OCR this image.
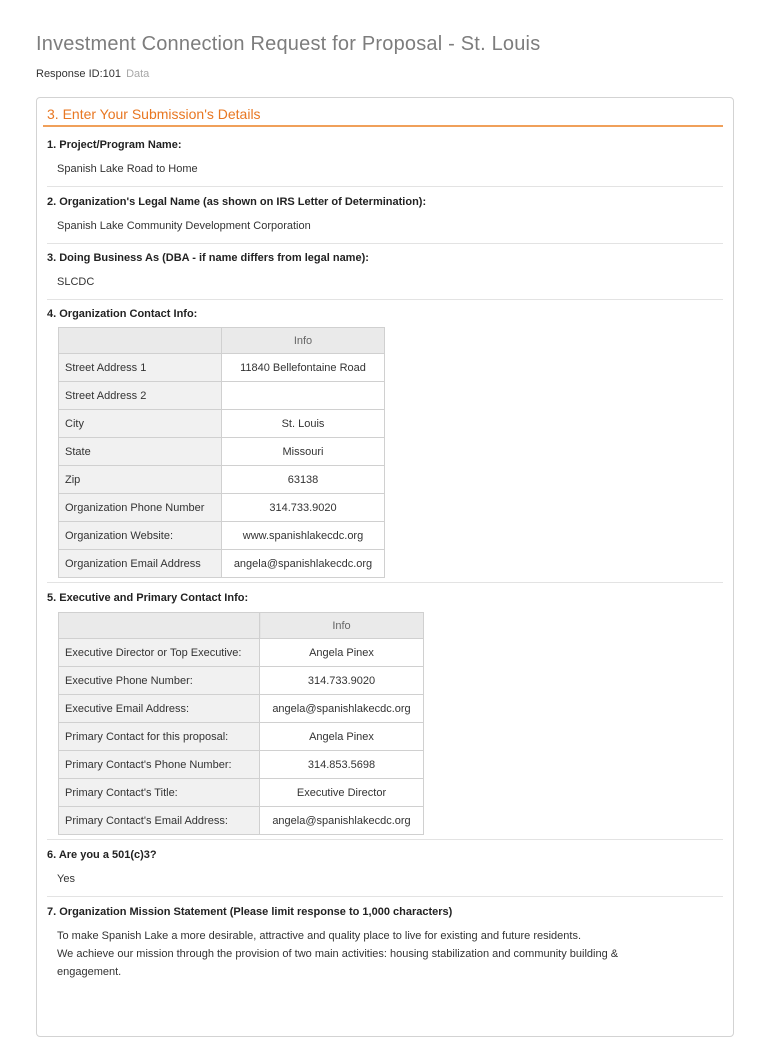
Investment Connection Request for Proposal - St. Louis
Response ID:101 Data
3. Enter Your Submission's Details
1. Project/Program Name:
Spanish Lake Road to Home
2. Organization's Legal Name (as shown on IRS Letter of Determination):
Spanish Lake Community Development Corporation
3. Doing Business As (DBA - if name differs from legal name):
SLCDC
4. Organization Contact Info:
	Info
Street Address 1	11840 Bellefontaine Road
Street Address 2	
City	St. Louis
State	Missouri
Zip	63138
Organization Phone Number	314.733.9020
Organization Website:	www.spanishlakecdc.org
Organization Email Address	angela@spanishlakecdc.org
5. Executive and Primary Contact Info:
	Info
Executive Director or Top Executive:	Angela Pinex
Executive Phone Number:	314.733.9020
Executive Email Address:	angela@spanishlakecdc.org
Primary Contact for this proposal:	Angela Pinex
Primary Contact's Phone Number:	314.853.5698
Primary Contact's Title:	Executive Director
Primary Contact's Email Address:	angela@spanishlakecdc.org
6. Are you a 501(c)3?
Yes
7. Organization Mission Statement (Please limit response to 1,000 characters)
To make Spanish Lake a more desirable, attractive and quality place to live for existing and future residents.
We achieve our mission through the provision of two main activities: housing stabilization and community building &
engagement.
